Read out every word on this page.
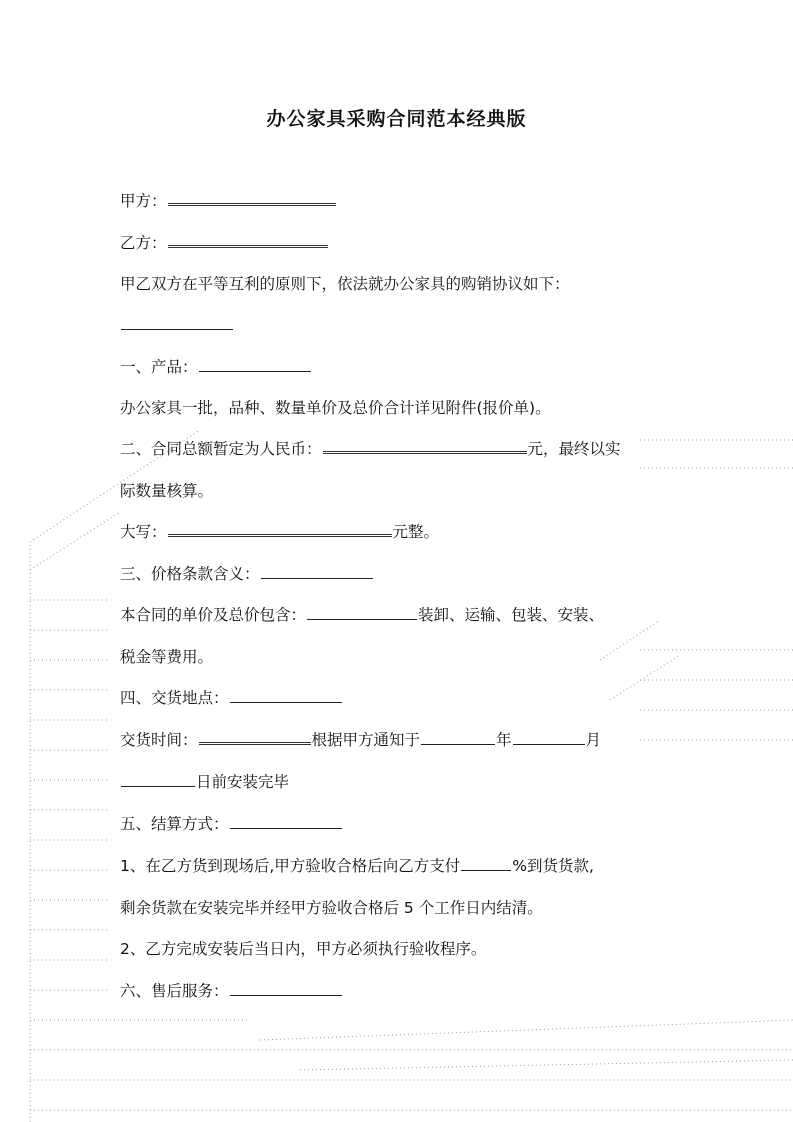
办公家具采购合同范本经典版
甲方：
乙方：
甲乙双方在平等互利的原则下，依法就办公家具的购销协议如下：
一、产品：
办公家具一批，品种、数量单价及总价合计详见附件(报价单)。
二、合同总额暂定为人民币：	元，最终以实
际数量核算。
大写：	元整。
三、价格条款含义：
本合同的单价及总价包含：	装卸、运输、包装、安装、
税金等费用。
四、交货地点：
交货时间：	根据甲方通知于	年	月
日前安装完毕
五、结算方式：
1、在乙方货到现场后,甲方验收合格后向乙方支付	%到货货款,
剩余货款在安装完毕并经甲方验收合格后 5 个工作日内结清。
2、乙方完成安装后当日内，甲方必须执行验收程序。
六、售后服务：
